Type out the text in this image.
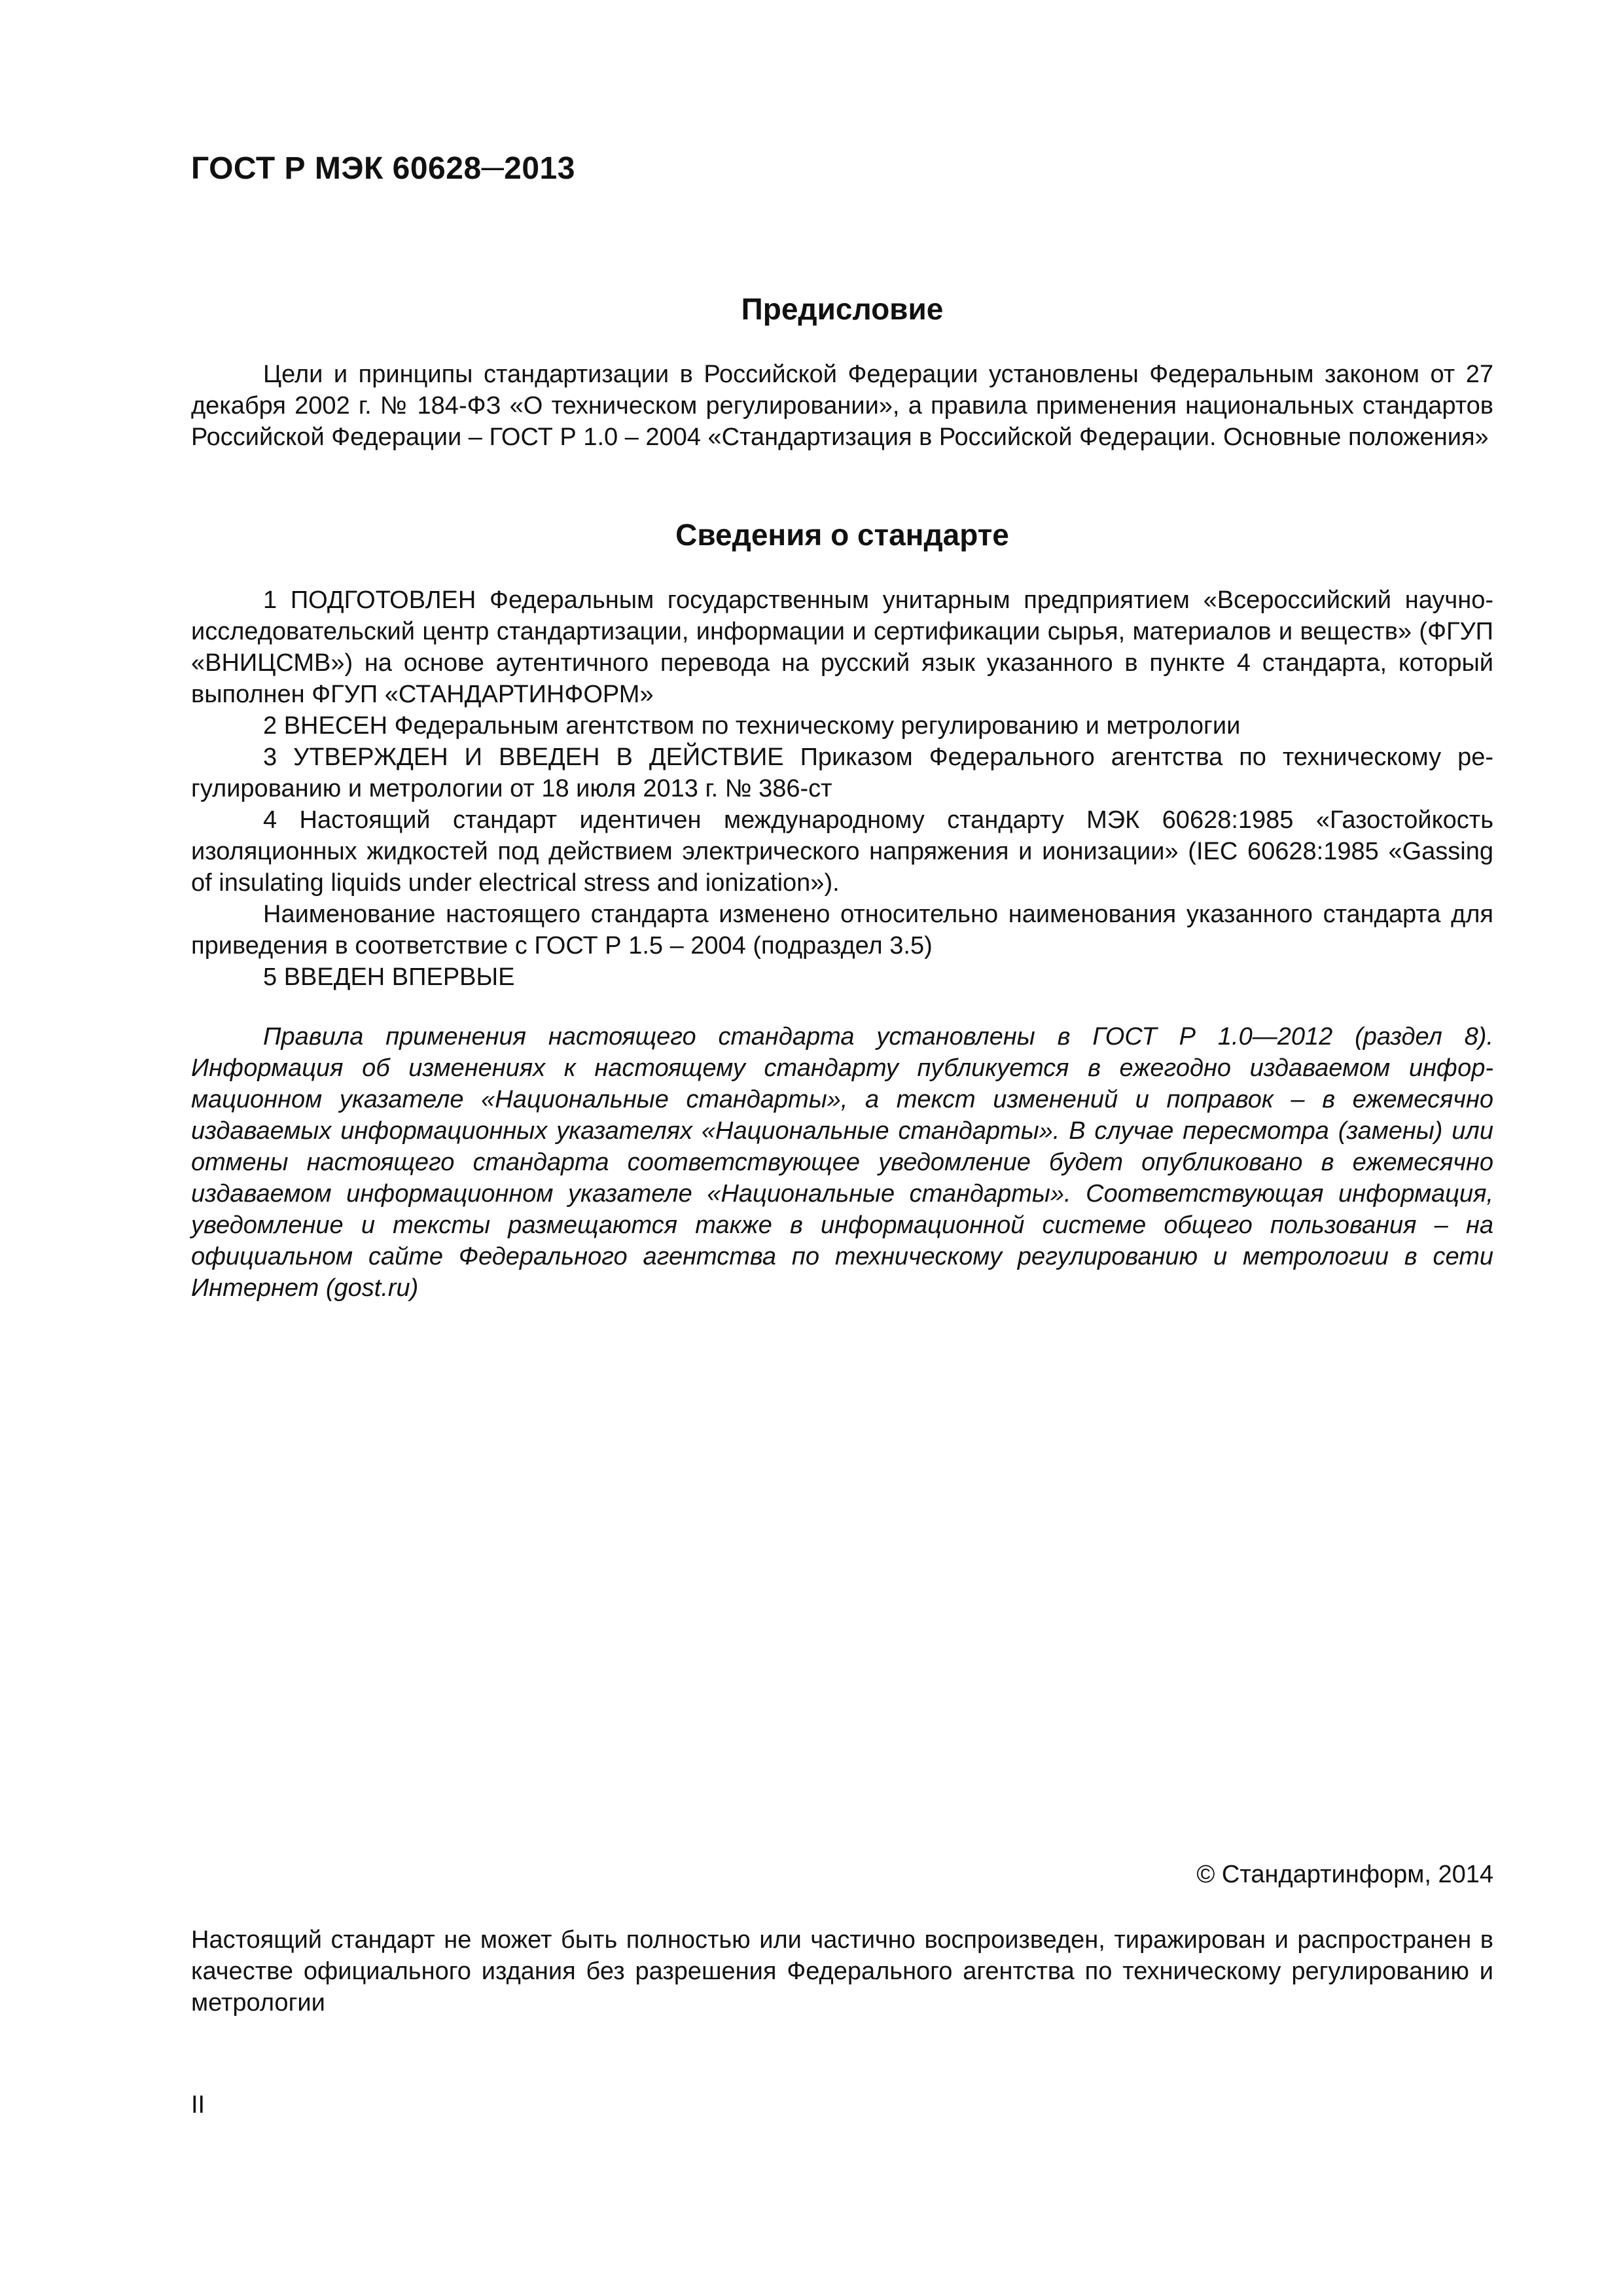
ГОСТ Р МЭК 60628─2013
Предисловие

Цели и принципы стандартизации в Российской Федерации установлены Федеральным законом от 27 декабря 2002 г. № 184-ФЗ «О техническом регулировании», а правила применения национальных стандартов Российской Федерации – ГОСТ Р 1.0 – 2004 «Стандартизация в Российской Федерации. Основные положения»

Сведения о стандарте

1 ПОДГОТОВЛЕН Федеральным государственным унитарным предприятием «Всероссийский научно-исследовательский центр стандартизации, информации и сертификации сырья, материалов и веществ» (ФГУП «ВНИЦСМВ») на основе аутентичного перевода на русский язык указанного в пункте 4 стандарта, который выполнен ФГУП «СТАНДАРТИНФОРМ»

2 ВНЕСЕН Федеральным агентством по техническому регулированию и метрологии

3 УТВЕРЖДЕН И ВВЕДЕН В ДЕЙСТВИЕ Приказом Федерального агентства по техническому регулированию и метрологии от 18 июля 2013 г. № 386-ст

4 Настоящий стандарт идентичен международному стандарту МЭК 60628:1985 «Газостойкость изоляционных жидкостей под действием электрического напряжения и ионизации» (IEC 60628:1985 «Gassing of insulating liquids under electrical stress and ionization»).

Наименование настоящего стандарта изменено относительно наименования указанного стандарта для приведения в соответствие с ГОСТ Р 1.5 – 2004 (подраздел 3.5)

5 ВВЕДЕН ВПЕРВЫЕ

Правила применения настоящего стандарта установлены в ГОСТ Р 1.0—2012 (раздел 8). Информация об изменениях к настоящему стандарту публикуется в ежегодно издаваемом информационном указателе «Национальные стандарты», а текст изменений и поправок – в ежемесячно издаваемых информационных указателях «Национальные стандарты». В случае пересмотра (замены) или отмены настоящего стандарта соответствующее уведомление будет опубликовано в ежемесячно издаваемом информационном указателе «Национальные стандарты». Соответствующая информация, уведомление и тексты размещаются также в информационной системе общего пользования – на официальном сайте Федерального агентства по техническому регулированию и метрологии в сети Интернет (gost.ru)

© Стандартинформ, 2014

Настоящий стандарт не может быть полностью или частично воспроизведен, тиражирован и распространен в качестве официального издания без разрешения Федерального агентства по техническому регулированию и метрологии

II
